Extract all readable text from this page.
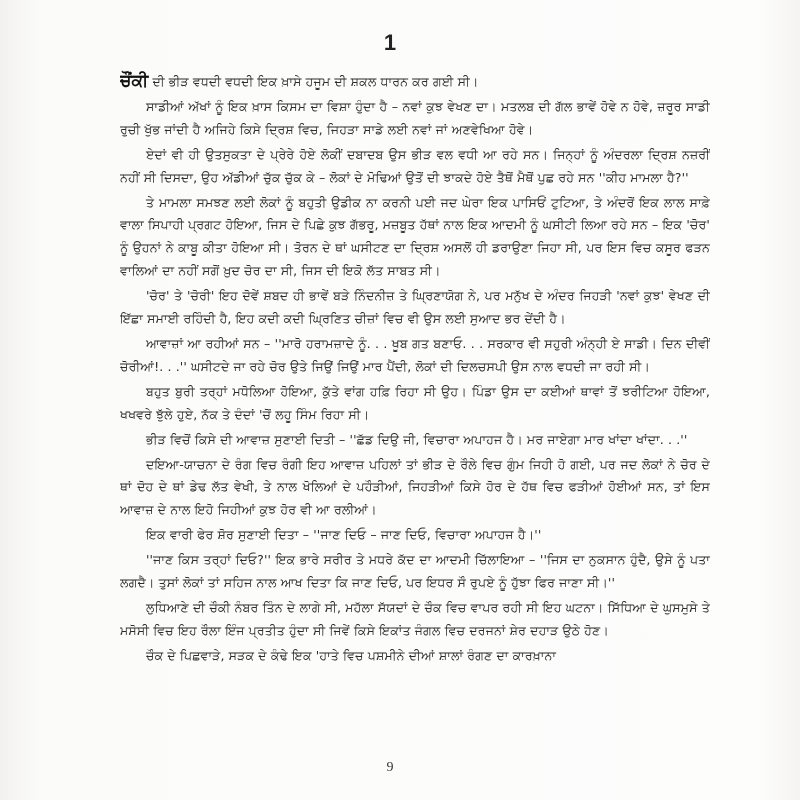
1

ਚੌਂਕੀ ਦੀ ਭੀੜ ਵਧਦੀ ਵਧਦੀ ਇਕ ਖ਼ਾਸੇ ਹਜੂਮ ਦੀ ਸ਼ਕਲ ਧਾਰਨ ਕਰ ਗਈ ਸੀ।

ਸਾਡੀਆਂ ਅੱਖਾਂ ਨੂੰ ਇਕ ਖ਼ਾਸ ਕਿਸਮ ਦਾ ਵਿਸ਼ਾ ਹੁੰਦਾ ਹੈ – ਨਵਾਂ ਕੁਝ ਵੇਖਣ ਦਾ। ਮਤਲਬ ਦੀ ਗੱਲ ਭਾਵੇਂ ਹੋਵੇ ਨ ਹੋਵੇ, ਜ਼ਰੂਰ ਸਾਡੀ ਰੁਚੀ ਖੁੱਭ ਜਾਂਦੀ ਹੈ ਅਜਿਹੇ ਕਿਸੇ ਦ੍ਰਿਸ਼ ਵਿਚ, ਜਿਹੜਾ ਸਾਡੇ ਲਈ ਨਵਾਂ ਜਾਂ ਅਣਵੇਖਿਆ ਹੋਵੇ।

ਏਦਾਂ ਵੀ ਹੀ ਉਤਸੁਕਤਾ ਦੇ ਪ੍ਰੇਰੇ ਹੋਏ ਲੋਕੀਂ ਦਬਾਦਬ ਉਸ ਭੀੜ ਵਲ ਵਧੀ ਆ ਰਹੇ ਸਨ। ਜਿਨ੍ਹਾਂ ਨੂੰ ਅੰਦਰਲਾ ਦ੍ਰਿਸ਼ ਨਜ਼ਰੀਂ ਨਹੀਂ ਸੀ ਦਿਸਦਾ, ਉਹ ਅੱਡੀਆਂ ਚੁੱਕ ਚੁੱਕ ਕੇ – ਲੋਕਾਂ ਦੇ ਮੋਢਿਆਂ ਉਤੋਂ ਦੀ ਝਾਕਦੇ ਹੋਏ ਤੈਥੋਂ ਮੈਥੋਂ ਪੁਛ ਰਹੇ ਸਨ ''ਕੀਹ ਮਾਮਲਾ ਹੈ?''

ਤੇ ਮਾਮਲਾ ਸਮਝਣ ਲਈ ਲੋਕਾਂ ਨੂੰ ਬਹੁਤੀ ਉਡੀਕ ਨਾ ਕਰਨੀ ਪਈ ਜਦ ਘੇਰਾ ਇਕ ਪਾਸਿਓਂ ਟੁਟਿਆ, ਤੇ ਅੰਦਰੋਂ ਇਕ ਲਾਲ ਸਾਫ਼ੇ ਵਾਲਾ ਸਿਪਾਹੀ ਪ੍ਰਗਟ ਹੋਇਆ, ਜਿਸ ਦੇ ਪਿਛੇ ਕੁਝ ਗੱਭਰੂ, ਮਜ਼ਬੂਤ ਹੱਥਾਂ ਨਾਲ ਇਕ ਆਦਮੀ ਨੂੰ ਘਸੀਟੀ ਲਿਆ ਰਹੇ ਸਨ – ਇਕ 'ਚੋਰ' ਨੂੰ ਉਹਨਾਂ ਨੇ ਕਾਬੂ ਕੀਤਾ ਹੋਇਆ ਸੀ। ਤੋਰਨ ਦੇ ਥਾਂ ਘਸੀਟਣ ਦਾ ਦ੍ਰਿਸ਼ ਅਸਲੋਂ ਹੀ ਡਰਾਉਣਾ ਜਿਹਾ ਸੀ, ਪਰ ਇਸ ਵਿਚ ਕਸੂਰ ਫੜਨ ਵਾਲਿਆਂ ਦਾ ਨਹੀਂ ਸਗੋਂ ਖ਼ੁਦ ਚੋਰ ਦਾ ਸੀ, ਜਿਸ ਦੀ ਇਕੋ ਲੱਤ ਸਾਬਤ ਸੀ।

'ਚੋਰ' ਤੇ 'ਚੋਰੀ' ਇਹ ਦੋਵੇਂ ਸ਼ਬਦ ਹੀ ਭਾਵੇਂ ਬੜੇ ਨਿੰਦਨੀਜ਼ ਤੇ ਘ੍ਰਿਣਾਯੋਗ ਨੇ, ਪਰ ਮਨੁੱਖ ਦੇ ਅੰਦਰ ਜਿਹੜੀ 'ਨਵਾਂ ਕੁਝ' ਵੇਖਣ ਦੀ ਇੱਛਾ ਸਮਾਈ ਰਹਿੰਦੀ ਹੈ, ਇਹ ਕਦੀ ਕਦੀ ਘ੍ਰਿਣਿਤ ਚੀਜ਼ਾਂ ਵਿਚ ਵੀ ਉਸ ਲਈ ਸੁਆਦ ਭਰ ਦੇਂਦੀ ਹੈ।

ਆਵਾਜ਼ਾਂ ਆ ਰਹੀਆਂ ਸਨ – ''ਮਾਰੋ ਹਰਾਮਜ਼ਾਦੇ ਨੂੰ. . . ਖੂਬ ਗਤ ਬਣਾਓ. . . ਸਰਕਾਰ ਵੀ ਸਹੁਰੀ ਅੰਨ੍ਹੀ ਏ ਸਾਡੀ। ਦਿਨ ਦੀਵੀਂ ਚੋਰੀਆਂ!. . .'' ਘਸੀਟਦੇ ਜਾ ਰਹੇ ਚੋਰ ਉਤੇ ਜਿਉਂ ਜਿਉਂ ਮਾਰ ਪੈਂਦੀ, ਲੋਕਾਂ ਦੀ ਦਿਲਚਸਪੀ ਉਸ ਨਾਲ ਵਧਦੀ ਜਾ ਰਹੀ ਸੀ।

ਬਹੁਤ ਬੁਰੀ ਤਰ੍ਹਾਂ ਮਧੋਲਿਆ ਹੋਇਆ, ਕੁੱਤੇ ਵਾਂਗ ਹਫ਼ਿ ਰਿਹਾ ਸੀ ਉਹ। ਪਿੰਡਾ ਉਸ ਦਾ ਕਈਆਂ ਥਾਵਾਂ ਤੋਂ ਝਰੀਟਿਆ ਹੋਇਆ, ਖਖਵਰੇ ਝੁੱਲੇ ਹੁਏ, ਨੱਕ ਤੇ ਦੰਦਾਂ 'ਚੋਂ ਲਹੂ ਸਿੰਮ ਰਿਹਾ ਸੀ।

ਭੀੜ ਵਿਚੋਂ ਕਿਸੇ ਦੀ ਆਵਾਜ਼ ਸੁਣਾਈ ਦਿਤੀ – ''ਛੱਡ ਦਿਉ ਜੀ, ਵਿਚਾਰਾ ਅਪਾਹਜ ਹੈ। ਮਰ ਜਾਏਗਾ ਮਾਰ ਖਾਂਦਾ ਖਾਂਦਾ. . .''

ਦਇਆ-ਯਾਚਨਾ ਦੇ ਰੰਗ ਵਿਚ ਰੰਗੀ ਇਹ ਆਵਾਜ਼ ਪਹਿਲਾਂ ਤਾਂ ਭੀੜ ਦੇ ਰੌਲੇ ਵਿਚ ਗੁੰਮ ਜਿਹੀ ਹੋ ਗਈ, ਪਰ ਜਦ ਲੋਕਾਂ ਨੇ ਚੋਰ ਦੇ ਥਾਂ ਦੋਹ ਦੇ ਥਾਂ ਡੇਢ ਲੱਤ ਵੇਖੀ, ਤੇ ਨਾਲ ਖੋਲਿਆਂ ਦੇ ਪਹੌੜੀਆਂ, ਜਿਹੜੀਆਂ ਕਿਸੇ ਹੋਰ ਦੇ ਹੱਥ ਵਿਚ ਫੜੀਆਂ ਹੋਈਆਂ ਸਨ, ਤਾਂ ਇਸ ਆਵਾਜ਼ ਦੇ ਨਾਲ ਇਹੋ ਜਿਹੀਆਂ ਕੁਝ ਹੋਰ ਵੀ ਆ ਰਲੀਆਂ।

ਇਕ ਵਾਰੀ ਫੇਰ ਸ਼ੋਰ ਸੁਣਾਈ ਦਿਤਾ – ''ਜਾਣ ਦਿਓ – ਜਾਣ ਦਿਓ, ਵਿਚਾਰਾ ਅਪਾਹਜ ਹੈ।''

''ਜਾਣ ਕਿਸ ਤਰ੍ਹਾਂ ਦਿਓ?'' ਇਕ ਭਾਰੇ ਸਰੀਰ ਤੇ ਮਧਰੇ ਕੱਦ ਦਾ ਆਦਮੀ ਚਿੱਲਾਇਆ – ''ਜਿਸ ਦਾ ਨੁਕਸਾਨ ਹੁੰਦੈ, ਉਸੇ ਨੂੰ ਪਤਾ ਲਗਦੈ। ਤੁਸਾਂ ਲੋਕਾਂ ਤਾਂ ਸਹਿਜ ਨਾਲ ਆਖ ਦਿਤਾ ਕਿ ਜਾਣ ਦਿਓ, ਪਰ ਇਧਰ ਸੌ ਰੁਪਏ ਨੂੰ ਹੁੱਝਾ ਫਿਰ ਜਾਣਾ ਸੀ।''

ਲੁਧਿਆਣੇ ਦੀ ਚੌਕੀ ਨੰਬਰ ਤਿੰਨ ਦੇ ਲਾਗੇ ਸੀ, ਮਹੱਲਾ ਸੱਯਦਾਂ ਦੇ ਚੌਕ ਵਿਚ ਵਾਪਰ ਰਹੀ ਸੀ ਇਹ ਘਟਨਾ। ਸਿੱਧਿਆ ਦੇ ਘੁਸਮੁਸੇ ਤੇ ਮਸੋਸੀ ਵਿਚ ਇਹ ਰੌਲਾ ਇੰਜ ਪ੍ਰਤੀਤ ਹੁੰਦਾ ਸੀ ਜਿਵੇਂ ਕਿਸੇ ਇਕਾਂਤ ਜੰਗਲ ਵਿਚ ਦਰਜਨਾਂ ਸ਼ੇਰ ਦਹਾੜ ਉਠੇ ਹੋਣ।

ਚੌਕ ਦੇ ਪਿਛਵਾੜੇ, ਸੜਕ ਦੇ ਕੰਢੇ ਇਕ 'ਹਾਤੇ ਵਿਚ ਪਸ਼ਮੀਨੇ ਦੀਆਂ ਸ਼ਾਲਾਂ ਰੰਗਣ ਦਾ ਕਾਰਖ਼ਾਨਾ

9
